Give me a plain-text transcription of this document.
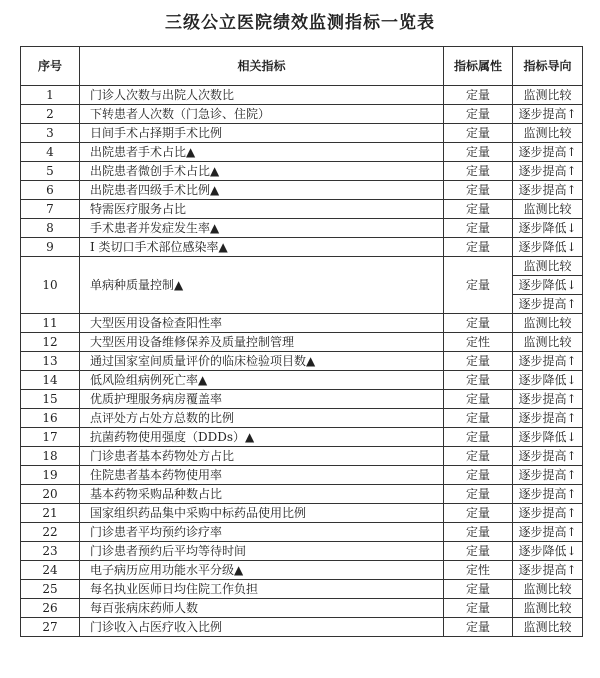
三级公立医院绩效监测指标一览表
序号	相关指标	指标属性	指标导向
1	门诊人次数与出院人次数比	定量	监测比较
2	下转患者人次数（门急诊、住院）	定量	逐步提高↑
3	日间手术占择期手术比例	定量	监测比较
4	出院患者手术占比▲	定量	逐步提高↑
5	出院患者微创手术占比▲	定量	逐步提高↑
6	出院患者四级手术比例▲	定量	逐步提高↑
7	特需医疗服务占比	定量	监测比较
8	手术患者并发症发生率▲	定量	逐步降低↓
9	I 类切口手术部位感染率▲	定量	逐步降低↓
10	单病种质量控制▲	定量	监测比较
逐步降低↓
逐步提高↑

11	大型医用设备检查阳性率	定量	监测比较
12	大型医用设备维修保养及质量控制管理	定性	监测比较
13	通过国家室间质量评价的临床检验项目数▲	定量	逐步提高↑
14	低风险组病例死亡率▲	定量	逐步降低↓
15	优质护理服务病房覆盖率	定量	逐步提高↑
16	点评处方占处方总数的比例	定量	逐步提高↑
17	抗菌药物使用强度（DDDs）▲	定量	逐步降低↓
18	门诊患者基本药物处方占比	定量	逐步提高↑
19	住院患者基本药物使用率	定量	逐步提高↑
20	基本药物采购品种数占比	定量	逐步提高↑
21	国家组织药品集中采购中标药品使用比例	定量	逐步提高↑
22	门诊患者平均预约诊疗率	定量	逐步提高↑
23	门诊患者预约后平均等待时间	定量	逐步降低↓
24	电子病历应用功能水平分级▲	定性	逐步提高↑
25	每名执业医师日均住院工作负担	定量	监测比较
26	每百张病床药师人数	定量	监测比较
27	门诊收入占医疗收入比例	定量	监测比较
